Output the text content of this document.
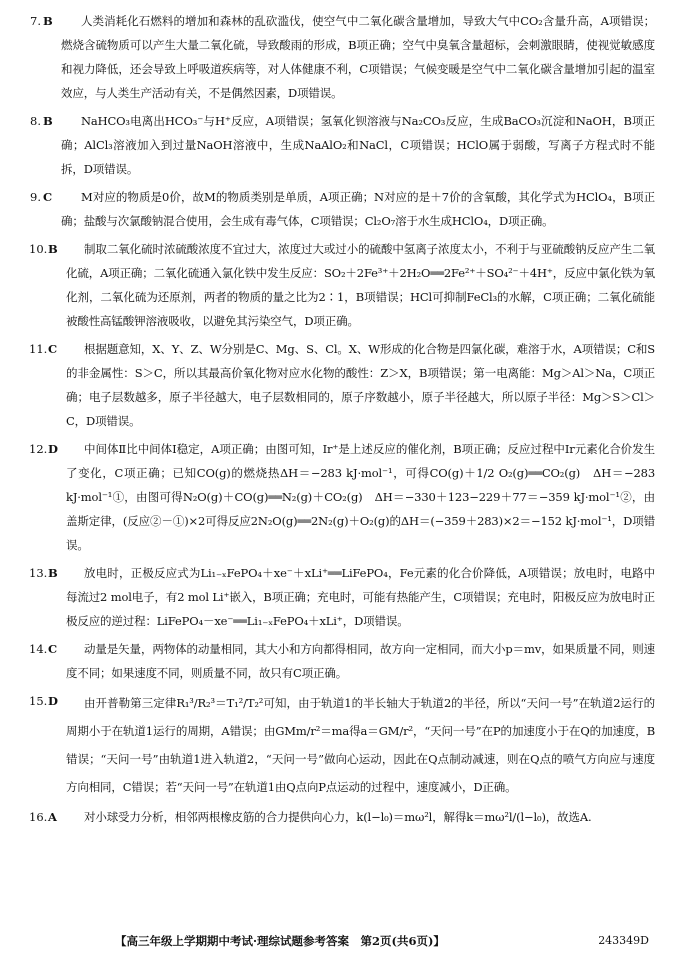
7. B	人类消耗化石燃料的增加和森林的乱砍滥伐，使空气中二氧化碳含量增加，导致大气中CO₂含量升高，A项错误；燃烧含硫物质可以产生大量二氧化硫，导致酸雨的形成，B项正确；空气中臭氧含量超标，会刺激眼睛，使视觉敏感度和视力降低，还会导致上呼吸道疾病等，对人体健康不利，C项错误；气候变暖是空气中二氧化碳含量增加引起的温室效应，与人类生产活动有关，不是偶然因素，D项错误。
8. B	NaHCO₃电离出HCO₃⁻与H⁺反应，A项错误；氢氧化钡溶液与Na₂CO₃反应，生成BaCO₃沉淀和NaOH，B项正确；AlCl₃溶液加入到过量NaOH溶液中，生成NaAlO₂和NaCl，C项错误；HClO属于弱酸，写离子方程式时不能拆，D项错误。
9. C	M对应的物质是0价，故M的物质类别是单质，A项正确；N对应的是＋7价的含氧酸，其化学式为HClO₄，B项正确；盐酸与次氯酸钠混合使用，会生成有毒气体，C项错误；Cl₂O₇溶于水生成HClO₄，D项正确。
10. B	制取二氧化硫时浓硫酸浓度不宜过大，浓度过大或过小的硫酸中氢离子浓度太小，不利于与亚硫酸钠反应产生二氧化硫，A项正确；二氧化硫通入氯化铁中发生反应：SO₂＋2Fe³⁺＋2H₂O══2Fe²⁺＋SO₄²⁻＋4H⁺，反应中氯化铁为氧化剂，二氧化硫为还原剂，两者的物质的量之比为2∶1，B项错误；HCl可抑制FeCl₃的水解，C项正确；二氧化硫能被酸性高锰酸钾溶液吸收，以避免其污染空气，D项正确。
11. C	根据题意知，X、Y、Z、W分别是C、Mg、S、Cl。X、W形成的化合物是四氯化碳，难溶于水，A项错误；C和S的非金属性：S＞C，所以其最高价氧化物对应水化物的酸性：Z＞X，B项错误；第一电离能：Mg＞Al＞Na，C项正确；电子层数越多，原子半径越大，电子层数相同的，原子序数越小，原子半径越大，所以原子半径：Mg＞S＞Cl＞C，D项错误。
12. D	中间体Ⅱ比中间体Ⅰ稳定，A项正确；由图可知，Ir⁺是上述反应的催化剂，B项正确；反应过程中Ir元素化合价发生了变化，C项正确；已知CO(g)的燃烧热ΔH＝−283 kJ·mol⁻¹，可得CO(g)＋1/2 O₂(g)══CO₂(g)　ΔH＝−283 kJ·mol⁻¹①，由图可得N₂O(g)＋CO(g)══N₂(g)＋CO₂(g)　ΔH＝−330＋123−229＋77＝−359 kJ·mol⁻¹②，由盖斯定律，(反应②－①)×2可得反应2N₂O(g)══2N₂(g)＋O₂(g)的ΔH＝(−359＋283)×2＝−152 kJ·mol⁻¹，D项错误。
13. B	放电时，正极反应式为Li₁₋ₓFePO₄＋xe⁻＋xLi⁺══LiFePO₄，Fe元素的化合价降低，A项错误；放电时，电路中每流过2 mol电子，有2 mol Li⁺嵌入，B项正确；充电时，可能有热能产生，C项错误；充电时，阳极反应为放电时正极反应的逆过程：LiFePO₄－xe⁻══Li₁₋ₓFePO₄＋xLi⁺，D项错误。
14. C	动量是矢量，两物体的动量相同，其大小和方向都得相同，故方向一定相同，而大小p＝mv，如果质量不同，则速度不同；如果速度不同，则质量不同，故只有C项正确。
15. D	由开普勒第三定律R₁³/R₂³＝T₁²/T₂²可知，由于轨道1的半长轴大于轨道2的半径，所以“天问一号”在轨道2运行的周期小于在轨道1运行的周期，A错误；由GMm/r²＝ma得a＝GM/r²，“天问一号”在P的加速度小于在Q的加速度，B错误；“天问一号”由轨道1进入轨道2，“天问一号”做向心运动，因此在Q点制动减速，则在Q点的喷气方向应与速度方向相同，C错误；若“天问一号”在轨道1由Q点向P点运动的过程中，速度减小，D正确。
16. A	对小球受力分析，相邻两根橡皮筋的合力提供向心力，k(l−l₀)＝mω²l，解得k＝mω²l/(l−l₀)，故选A.
【高三年级上学期期中考试·理综试题参考答案　第2页(共6页)】	243349D
